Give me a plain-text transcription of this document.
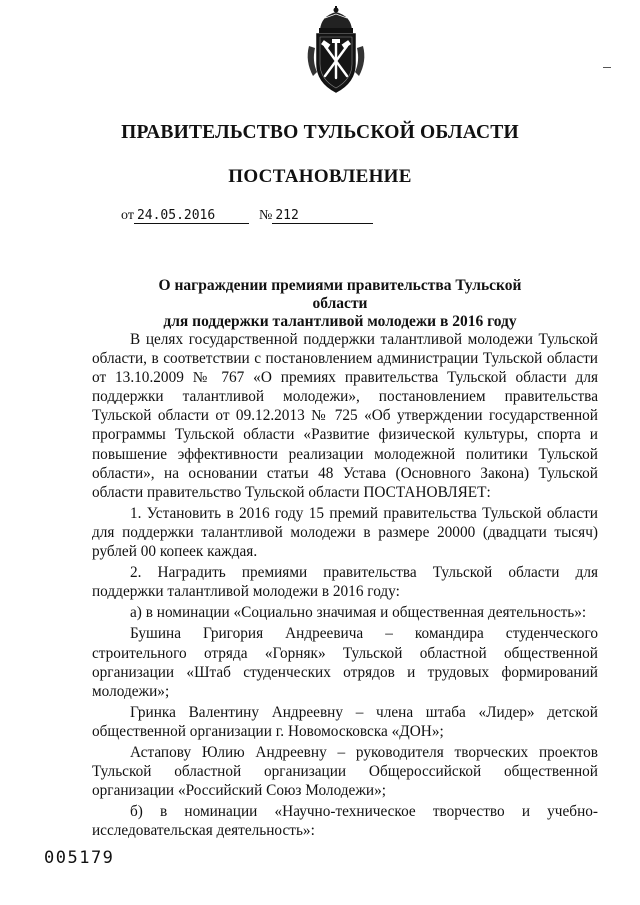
ПРАВИТЕЛЬСТВО ТУЛЬСКОЙ ОБЛАСТИ
ПОСТАНОВЛЕНИЕ
от 24.05.2016	№ 212
О награждении премиями правительства Тульской области
для поддержки талантливой молодежи в 2016 году

В целях государственной поддержки талантливой молодежи Тульской области, в соответствии с постановлением администрации Тульской области от 13.10.2009 № 767 «О премиях правительства Тульской области для поддержки талантливой молодежи», постановлением правительства Тульской области от 09.12.2013 № 725 «Об утверждении государственной программы Тульской области «Развитие физической культуры, спорта и повышение эффективности реализации молодежной политики Тульской области», на основании статьи 48 Устава (Основного Закона) Тульской области правительство Тульской области ПОСТАНОВЛЯЕТ:

1. Установить в 2016 году 15 премий правительства Тульской области для поддержки талантливой молодежи в размере 20000 (двадцати тысяч) рублей 00 копеек каждая.

2. Наградить премиями правительства Тульской области для поддержки талантливой молодежи в 2016 году:

а) в номинации «Социально значимая и общественная деятельность»:

Бушина Григория Андреевича – командира студенческого строительного отряда «Горняк» Тульской областной общественной организации «Штаб студенческих отрядов и трудовых формирований молодежи»;

Гринка Валентину Андреевну – члена штаба «Лидер» детской общественной организации г. Новомосковска «ДОН»;

Астапову Юлию Андреевну – руководителя творческих проектов Тульской областной организации Общероссийской общественной организации «Российский Союз Молодежи»;

б) в номинации «Научно-техническое творчество и учебно-исследовательская деятельность»:

005179
